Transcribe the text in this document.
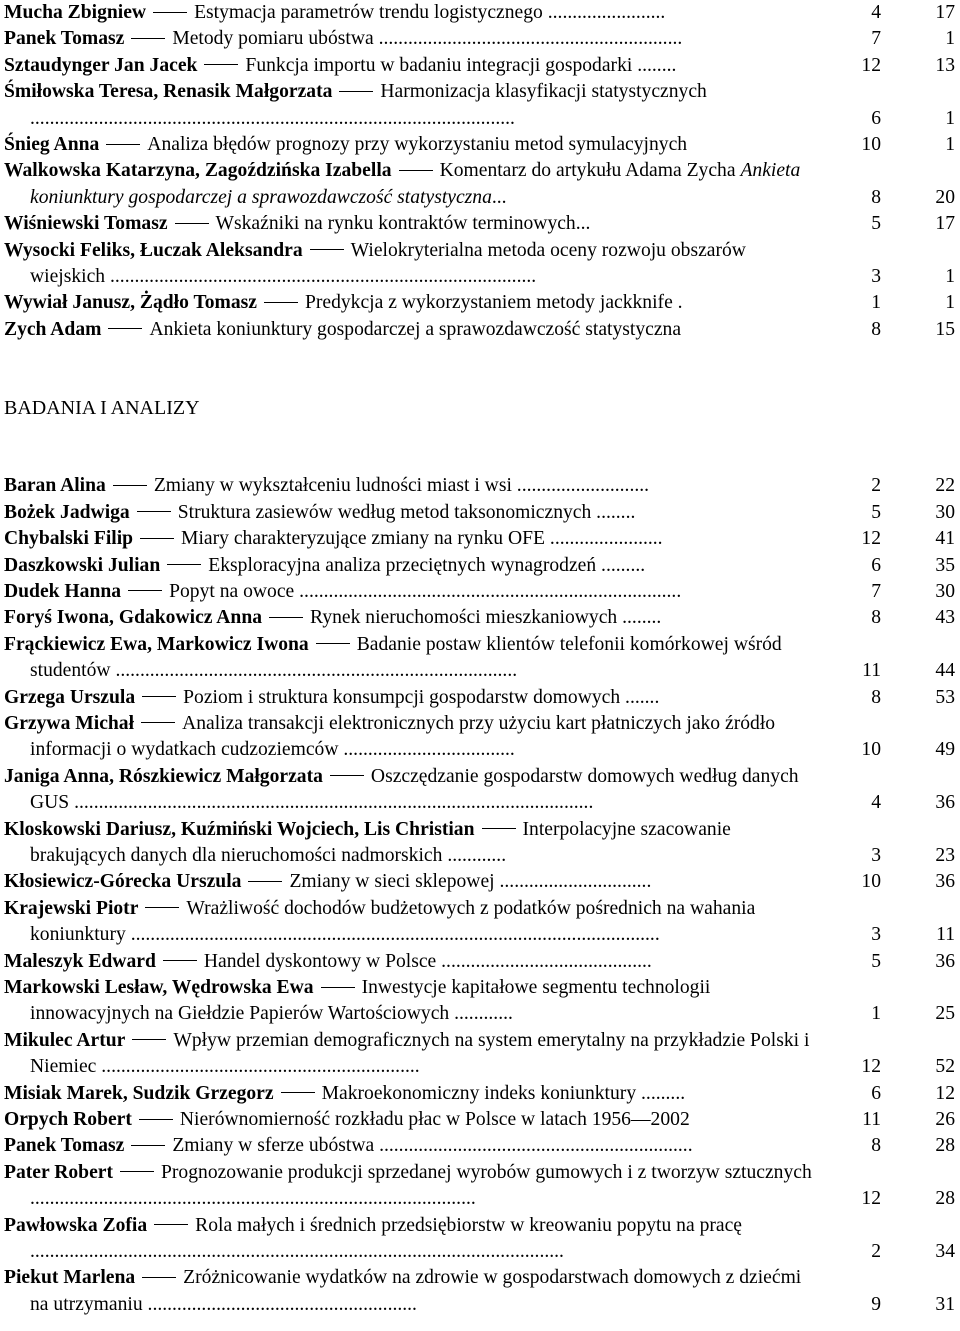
Mucha Zbigniew Estymacja parametrów trendu logistycznego ........................	4	17
Panek Tomasz Metody pomiaru ubóstwa ..............................................................	7	1
Sztaudynger Jan Jacek Funkcja importu w badaniu integracji gospodarki ........	12	13
Śmiłowska Teresa, Renasik Małgorzata Harmonizacja klasyfikacji statystycznych ...................................................................................................	6	1
Śnieg Anna Analiza błędów prognozy przy wykorzystaniu metod symulacyjnych	10	1
Walkowska Katarzyna, Zagoździńska Izabella Komentarz do artykułu Adama Zycha Ankieta koniunktury gospodarczej a sprawozdawczość statystyczna...	8	20
Wiśniewski Tomasz Wskaźniki na rynku kontraktów terminowych...	5	17
Wysocki Feliks, Łuczak Aleksandra Wielokryterialna metoda oceny rozwoju obszarów wiejskich .......................................................................................	3	1
Wywiał Janusz, Żądło Tomasz Predykcja z wykorzystaniem metody jackknife .	1	1
Zych Adam Ankieta koniunktury gospodarczej a sprawozdawczość statystyczna	8	15
BADANIA I ANALIZY
Baran Alina Zmiany w wykształceniu ludności miast i wsi ...........................	2	22
Bożek Jadwiga Struktura zasiewów według metod taksonomicznych ........	5	30
Chybalski Filip Miary charakteryzujące zmiany na rynku OFE .......................	12	41
Daszkowski Julian Eksploracyjna analiza przeciętnych wynagrodzeń .........	6	35
Dudek Hanna Popyt na owoce ..............................................................................	7	30
Foryś Iwona, Gdakowicz Anna Rynek nieruchomości mieszkaniowych ........	8	43
Frąckiewicz Ewa, Markowicz Iwona Badanie postaw klientów telefonii komórkowej wśród studentów ..................................................................................	11	44
Grzega Urszula Poziom i struktura konsumpcji gospodarstw domowych .......	8	53
Grzywa Michał Analiza transakcji elektronicznych przy użyciu kart płatniczych jako źródło informacji o wydatkach cudzoziemców ...................................	10	49
Janiga Anna, Rószkiewicz Małgorzata Oszczędzanie gospodarstw domowych według danych GUS ..........................................................................................................	4	36
Kloskowski Dariusz, Kuźmiński Wojciech, Lis Christian Interpolacyjne szacowanie brakujących danych dla nieruchomości nadmorskich ............	3	23
Kłosiewicz-Górecka Urszula Zmiany w sieci sklepowej ...............................	10	36
Krajewski Piotr Wrażliwość dochodów budżetowych z podatków pośrednich na wahania koniunktury ............................................................................................................	3	11
Maleszyk Edward Handel dyskontowy w Polsce ...........................................	5	36
Markowski Lesław, Wędrowska Ewa Inwestycje kapitałowe segmentu technologii innowacyjnych na Giełdzie Papierów Wartościowych ............	1	25
Mikulec Artur Wpływ przemian demograficznych na system emerytalny na przykładzie Polski i Niemiec .................................................................	12	52
Misiak Marek, Sudzik Grzegorz Makroekonomiczny indeks koniunktury .........	6	12
Orpych Robert Nierównomierność rozkładu płac w Polsce w latach 1956—2002	11	26
Panek Tomasz Zmiany w sferze ubóstwa ................................................................	8	28
Pater Robert Prognozowanie produkcji sprzedanej wyrobów gumowych i z tworzyw sztucznych ...........................................................................................	12	28
Pawłowska Zofia Rola małych i średnich przedsiębiorstw w kreowaniu popytu na pracę .............................................................................................................	2	34
Piekut Marlena Zróżnicowanie wydatków na zdrowie w gospodarstwach domowych z dziećmi na utrzymaniu .......................................................	9	31
